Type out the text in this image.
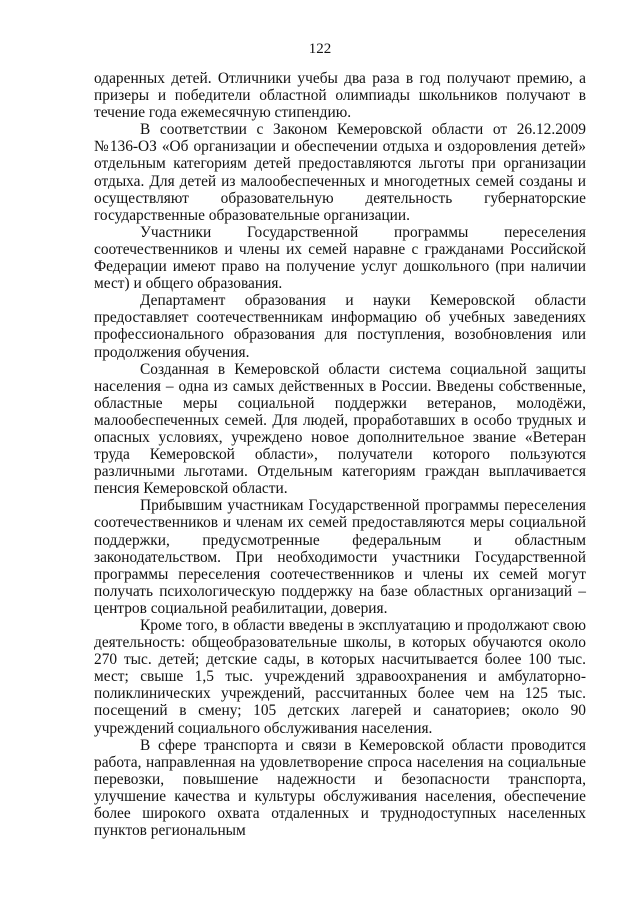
122

одаренных детей. Отличники учебы два раза в год получают премию, а призеры и победители областной олимпиады школьников получают в течение года ежемесячную стипендию.

В соответствии с Законом Кемеровской области от 26.12.2009 №136-ОЗ «Об организации и обеспечении отдыха и оздоровления детей» отдельным категориям детей предоставляются льготы при организации отдыха. Для детей из малообеспеченных и многодетных семей созданы и осуществляют образовательную деятельность губернаторские государственные образовательные организации.

Участники Государственной программы переселения соотечественников и члены их семей наравне с гражданами Российской Федерации имеют право на получение услуг дошкольного (при наличии мест) и общего образования.

Департамент образования и науки Кемеровской области предоставляет соотечественникам информацию об учебных заведениях профессионального образования для поступления, возобновления или продолжения обучения.

Созданная в Кемеровской области система социальной защиты населения – одна из самых действенных в России. Введены собственные, областные меры социальной поддержки ветеранов, молодёжи, малообеспеченных семей. Для людей, проработавших в особо трудных и опасных условиях, учреждено новое дополнительное звание «Ветеран труда Кемеровской области», получатели которого пользуются различными льготами. Отдельным категориям граждан выплачивается пенсия Кемеровской области.

Прибывшим участникам Государственной программы переселения соотечественников и членам их семей предоставляются меры социальной поддержки, предусмотренные федеральным и областным законодательством. При необходимости участники Государственной программы переселения соотечественников и члены их семей могут получать психологическую поддержку на базе областных организаций – центров социальной реабилитации, доверия.

Кроме того, в области введены в эксплуатацию и продолжают свою деятельность: общеобразовательные школы, в которых обучаются около 270 тыс. детей; детские сады, в которых насчитывается более 100 тыс. мест; свыше 1,5 тыс. учреждений здравоохранения и амбулаторно-поликлинических учреждений, рассчитанных более чем на 125 тыс. посещений в смену; 105 детских лагерей и санаториев; около 90 учреждений социального обслуживания населения.

В сфере транспорта и связи в Кемеровской области проводится работа, направленная на удовлетворение спроса населения на социальные перевозки, повышение надежности и безопасности транспорта, улучшение качества и культуры обслуживания населения, обеспечение более широкого охвата отдаленных и труднодоступных населенных пунктов региональным
